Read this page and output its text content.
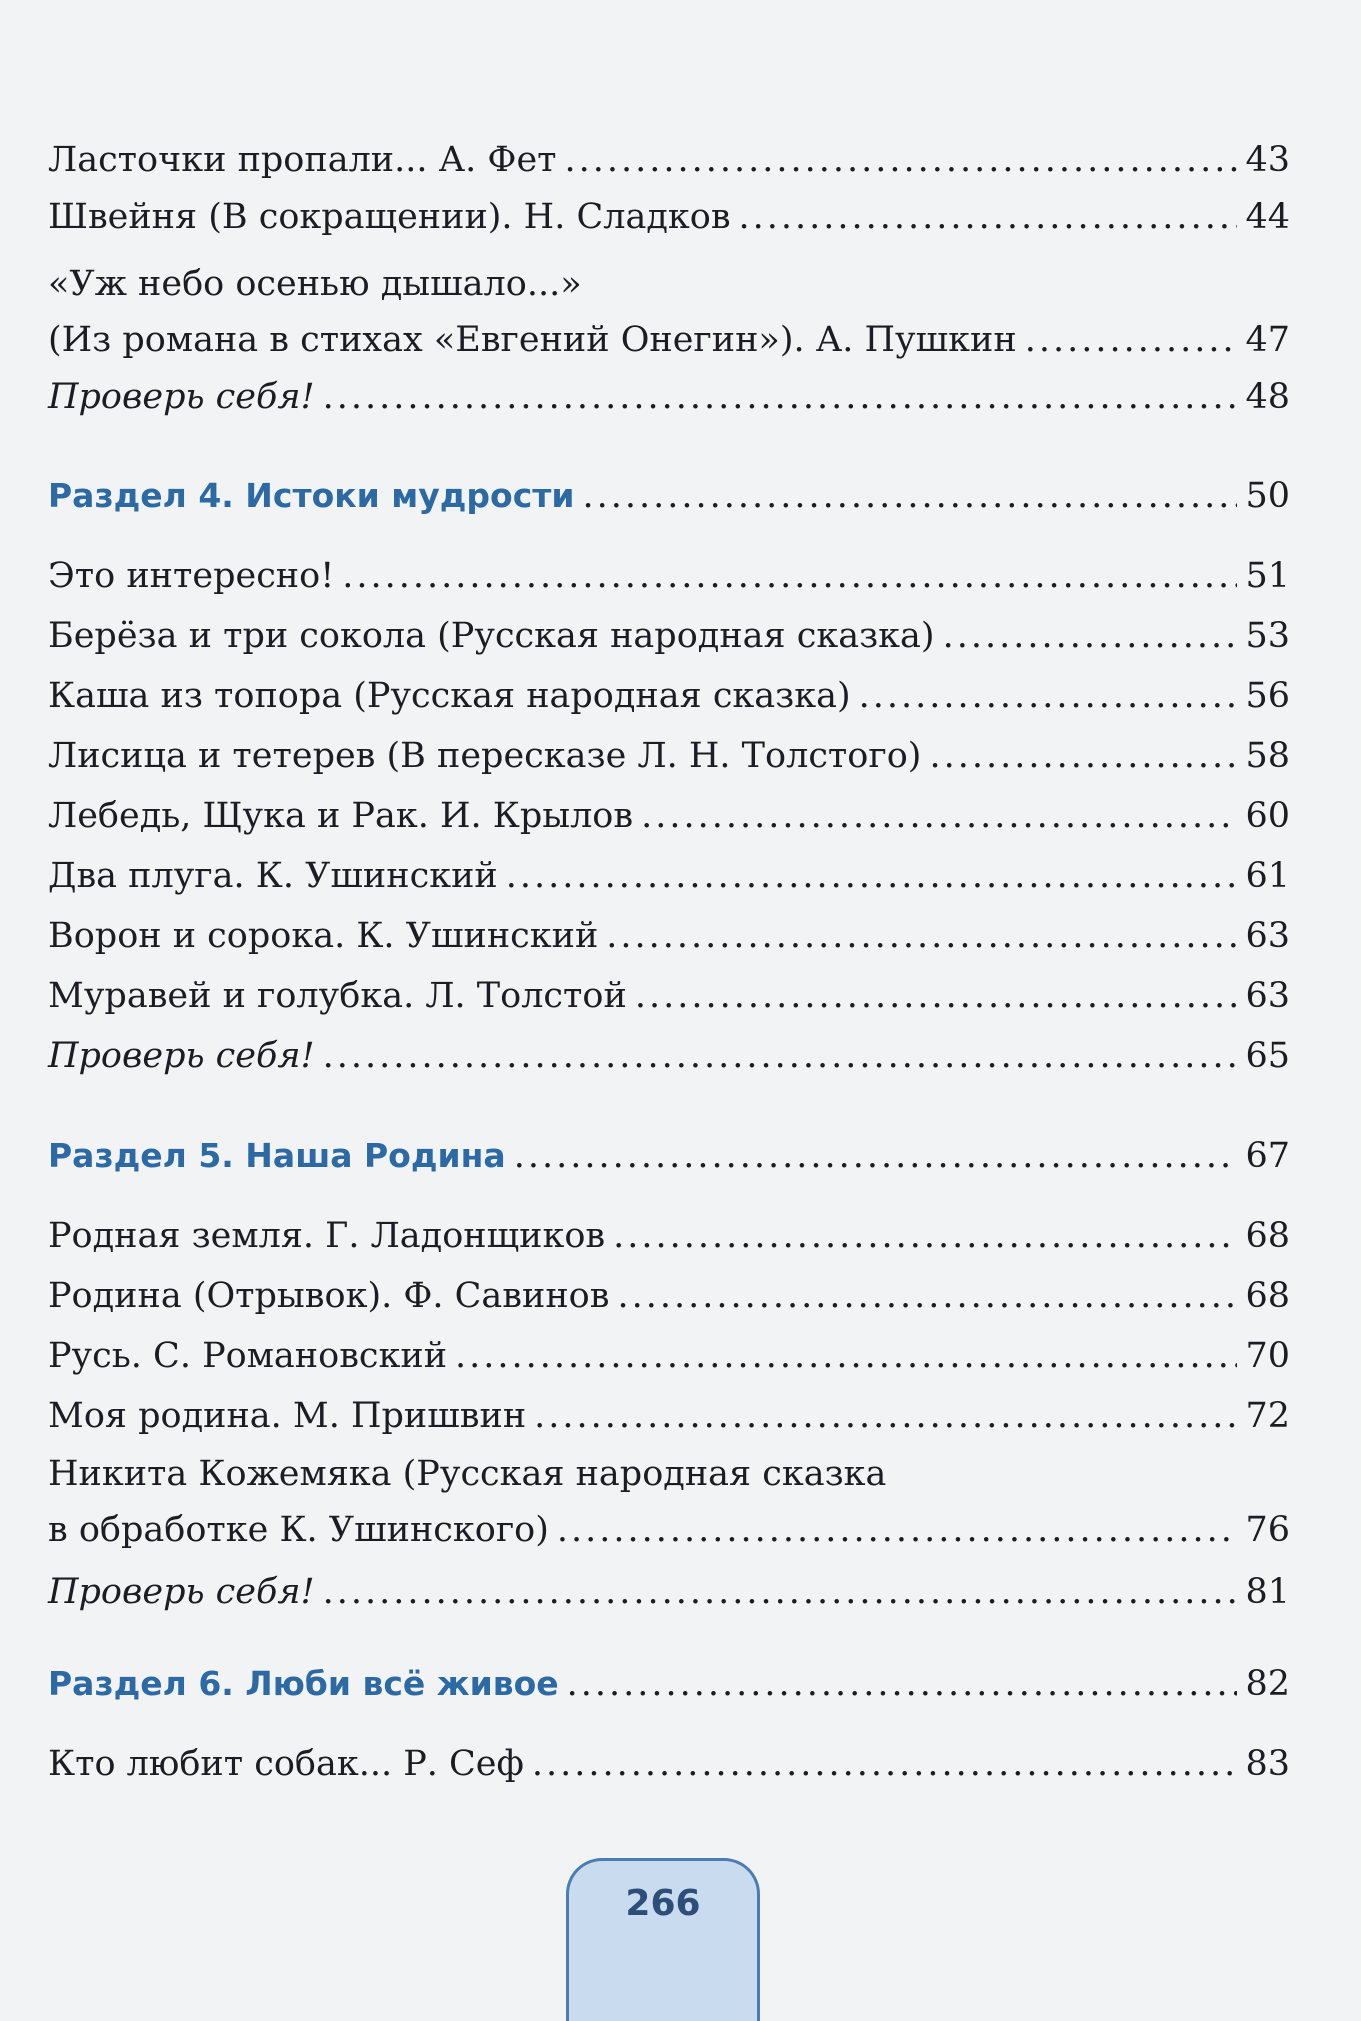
Ласточки пропали... А. Фет .....	43
Швейня (В сокращении). Н. Сладков .....	44
«Уж небо осенью дышало...»
(Из романа в стихах «Евгений Онегин»). А. Пушкин .....	47
Проверь себя! .....	48
Раздел 4. Истоки мудрости .....	50
Это интересно! .....	51
Берёза и три сокола (Русская народная сказка) .....	53
Каша из топора (Русская народная сказка) .....	56
Лисица и тетерев (В пересказе Л. Н. Толстого) .....	58
Лебедь, Щука и Рак. И. Крылов .....	60
Два плуга. К. Ушинский .....	61
Ворон и сорока. К. Ушинский .....	63
Муравей и голубка. Л. Толстой .....	63
Проверь себя! .....	65
Раздел 5. Наша Родина .....	67
Родная земля. Г. Ладонщиков .....	68
Родина (Отрывок). Ф. Савинов .....	68
Русь. С. Романовский .....	70
Моя родина. М. Пришвин .....	72
Никита Кожемяка (Русская народная сказка
в обработке К. Ушинского) .....	76
Проверь себя! .....	81
Раздел 6. Люби всё живое .....	82
Кто любит собак... Р. Сеф .....	83
266
